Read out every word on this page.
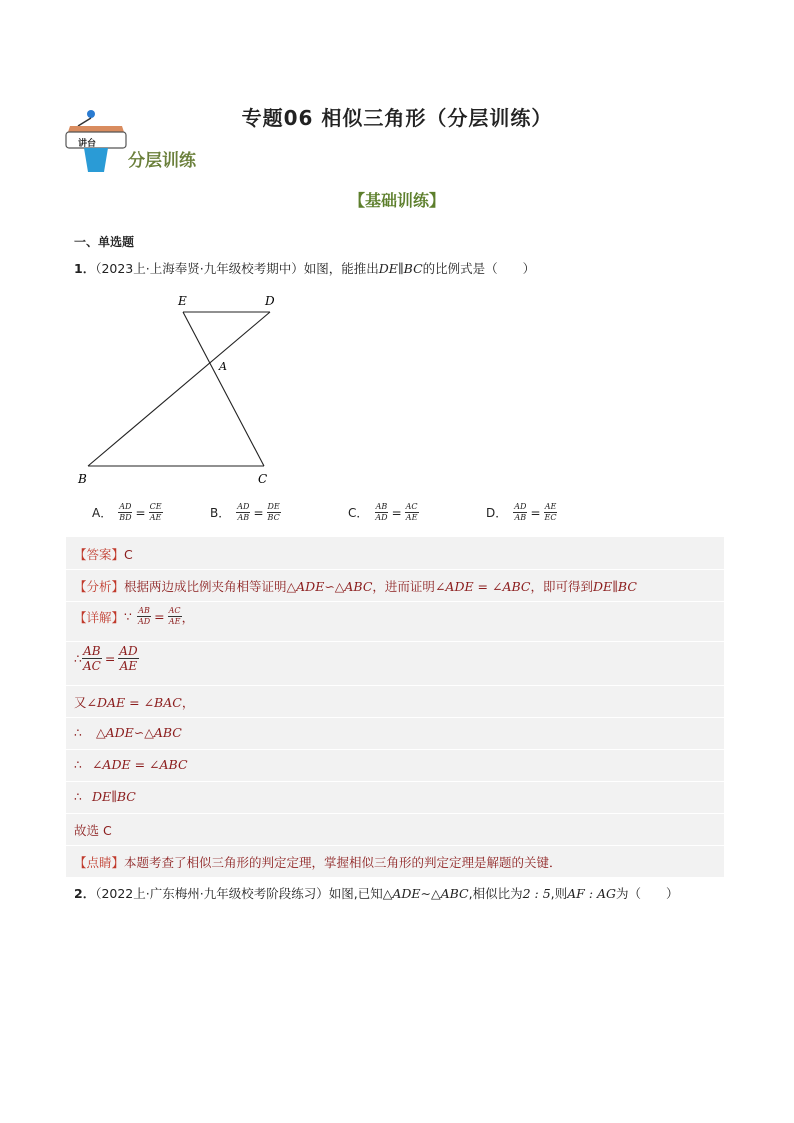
专题06 相似三角形（分层训练）
讲台
分层训练
【基础训练】
一、单选题
1．（2023上·上海奉贤·九年级校考期中）如图，能推出DE∥BC的比例式是（　　）
E	D
A
B	C
A． $\frac{AD}{BD} = \frac{CE}{AE}$	B． $\frac{AD}{AB} = \frac{DE}{BC}$	C． $\frac{AB}{AD} = \frac{AC}{AE}$	D． $\frac{AD}{AB} = \frac{AE}{EC}$
【答案】 C
【分析】 根据两边成比例夹角相等证明 △ADE∽△ABC ，进而证明 ∠ADE = ∠ABC ，即可得到 DE∥BC
【详解】 ∵ $\frac{AB}{AD} = \frac{AC}{AE}$ ，
∴ $\frac{AB}{AC} = \frac{AD}{AE}$
又 ∠DAE = ∠BAC ，
∴ △ADE∽△ABC
∴ ∠ADE = ∠ABC
∴ DE∥BC
故选 C
【点睛】 本题考查了相似三角形的判定定理，掌握相似三角形的判定定理是解题的关键．
2．（2022上·广东梅州·九年级校考阶段练习）如图,已知△ADE∼△ABC,相似比为2 : 5,则AF : AG为（　　）
